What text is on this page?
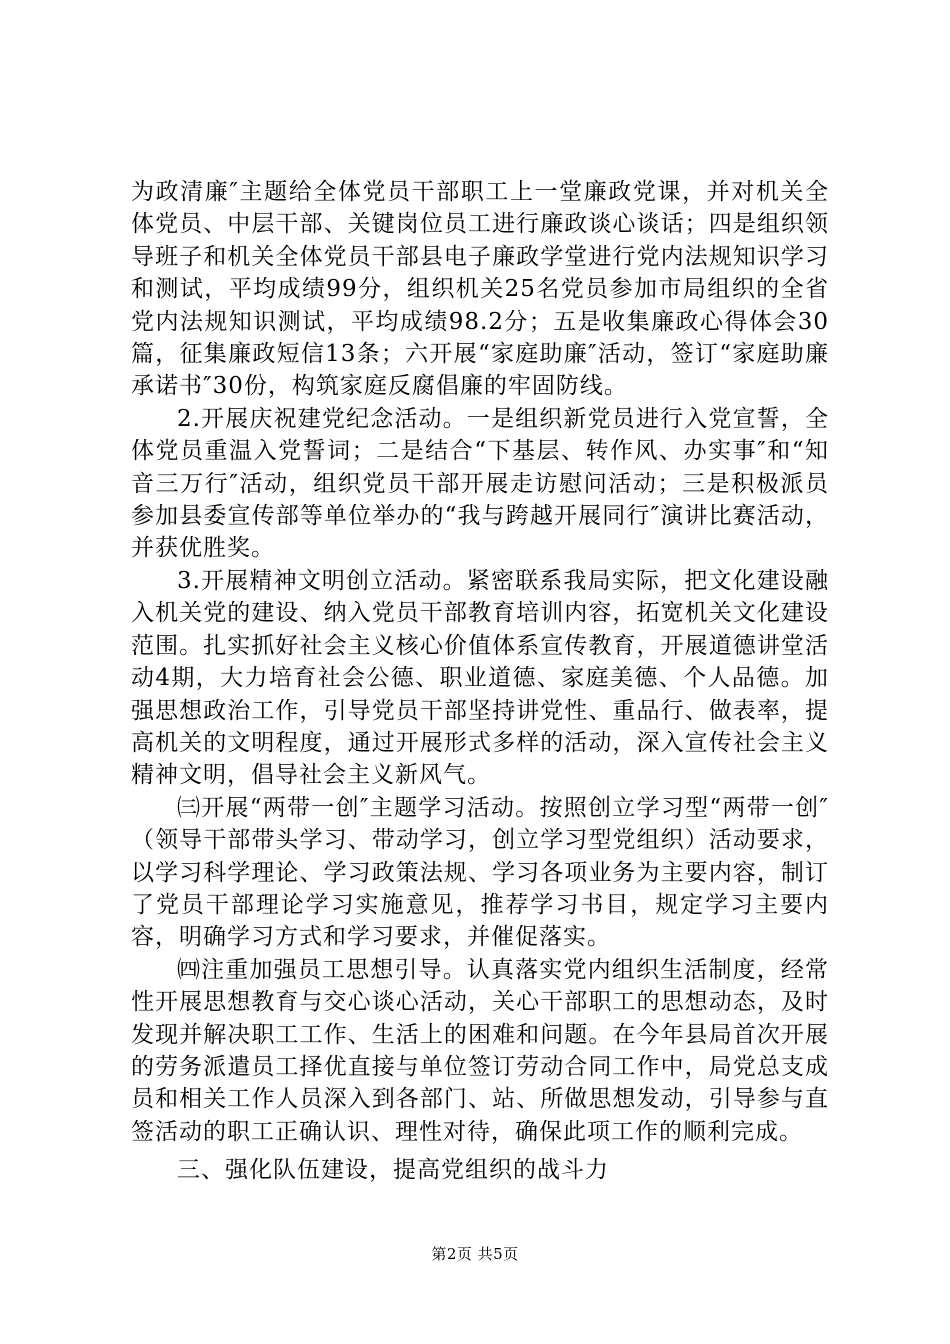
为政清廉″主题给全体党员干部职工上一堂廉政党课，并对机关全体党员、中层干部、关键岗位员工进行廉政谈心谈话；四是组织领导班子和机关全体党员干部县电子廉政学堂进行党内法规知识学习和测试，平均成绩99分，组织机关25名党员参加市局组织的全省党内法规知识测试，平均成绩98.2分；五是收集廉政心得体会30篇，征集廉政短信13条；六开展“家庭助廉″活动，签订“家庭助廉承诺书″30份，构筑家庭反腐倡廉的牢固防线。

2.开展庆祝建党纪念活动。一是组织新党员进行入党宣誓，全体党员重温入党誓词；二是结合“下基层、转作风、办实事″和“知音三万行″活动，组织党员干部开展走访慰问活动；三是积极派员参加县委宣传部等单位举办的“我与跨越开展同行″演讲比赛活动，并获优胜奖。

3.开展精神文明创立活动。紧密联系我局实际，把文化建设融入机关党的建设、纳入党员干部教育培训内容，拓宽机关文化建设范围。扎实抓好社会主义核心价值体系宣传教育，开展道德讲堂活动4期，大力培育社会公德、职业道德、家庭美德、个人品德。加强思想政治工作，引导党员干部坚持讲党性、重品行、做表率，提高机关的文明程度，通过开展形式多样的活动，深入宣传社会主义精神文明，倡导社会主义新风气。

㈢开展“两带一创″主题学习活动。按照创立学习型“两带一创″（领导干部带头学习、带动学习，创立学习型党组织）活动要求，以学习科学理论、学习政策法规、学习各项业务为主要内容，制订了党员干部理论学习实施意见，推荐学习书目，规定学习主要内容，明确学习方式和学习要求，并催促落实。

㈣注重加强员工思想引导。认真落实党内组织生活制度，经常性开展思想教育与交心谈心活动，关心干部职工的思想动态，及时发现并解决职工工作、生活上的困难和问题。在今年县局首次开展的劳务派遣员工择优直接与单位签订劳动合同工作中，局党总支成员和相关工作人员深入到各部门、站、所做思想发动，引导参与直签活动的职工正确认识、理性对待，确保此项工作的顺利完成。

三、强化队伍建设，提高党组织的战斗力

第2页 共5页
